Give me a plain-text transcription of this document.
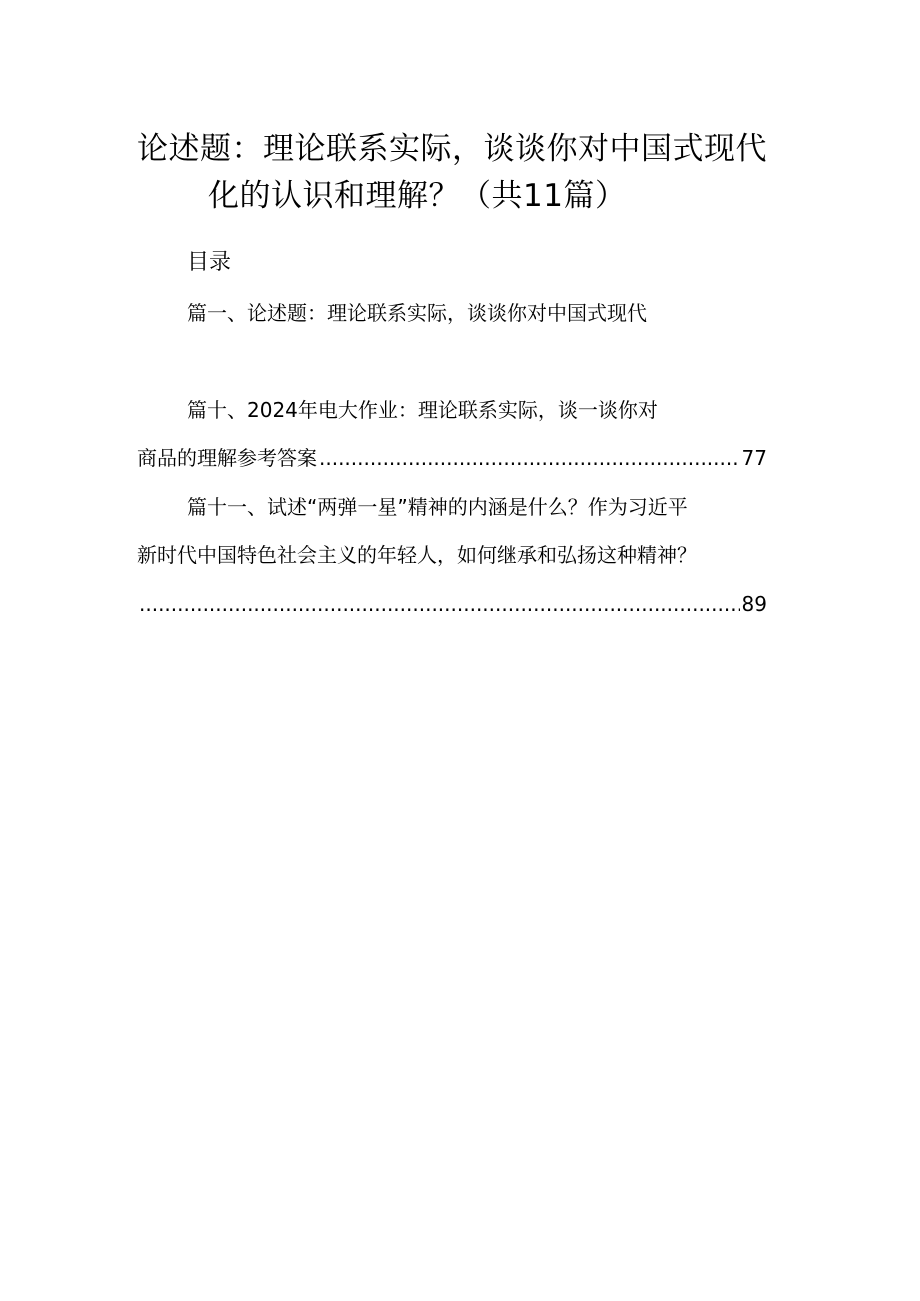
论述题：理论联系实际，谈谈你对中国式现代
化的认识和理解？（共11篇）
目录
篇一、论述题：理论联系实际，谈谈你对中国式现代
篇十、2024年电大作业：理论联系实际，谈一谈你对
商品的理解参考答案
.....	77
篇十一、试述“两弹一星”精神的内涵是什么？作为习近平
新时代中国特色社会主义的年轻人，如何继承和弘扬这种精神？
.....
89
